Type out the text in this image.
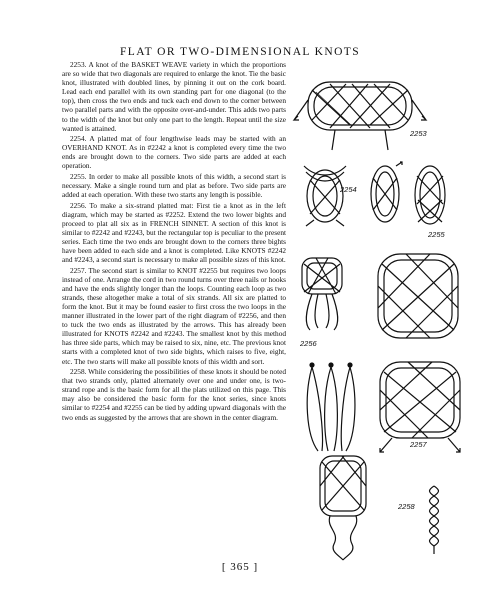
FLAT OR TWO-DIMENSIONAL KNOTS

2253. A knot of the BASKET WEAVE variety in which the proportions are so wide that two diagonals are required to enlarge the knot. Tie the basic knot, illustrated with doubled lines, by pinning it out on the cork board. Lead each end parallel with its own standing part for one diagonal (to the top), then cross the two ends and tuck each end down to the corner between two parallel parts and with the opposite over-and-under. This adds two parts to the width of the knot but only one part to the length. Repeat until the size wanted is attained.

2254. A platted mat of four lengthwise leads may be started with an OVERHAND KNOT. As in #2242 a knot is completed every time the two ends are brought down to the corners. Two side parts are added at each operation.

2255. In order to make all possible knots of this width, a second start is necessary. Make a single round turn and plat as before. Two side parts are added at each operation. With these two starts any length is possible.

2256. To make a six-strand platted mat: First tie a knot as in the left diagram, which may be started as #2252. Extend the two lower bights and proceed to plat all six as in FRENCH SINNET. A section of this knot is similar to #2242 and #2243, but the rectangular top is peculiar to the present series. Each time the two ends are brought down to the corners three bights have been added to each side and a knot is completed. Like KNOTS #2242 and #2243, a second start is necessary to make all possible sizes of this knot.

2257. The second start is similar to KNOT #2255 but requires two loops instead of one. Arrange the cord in two round turns over three nails or hooks and have the ends slightly longer than the loops. Counting each loop as two strands, these altogether make a total of six strands. All six are platted to form the knot. But it may be found easier to first cross the two loops in the manner illustrated in the lower part of the right diagram of #2256, and then to tuck the two ends as illustrated by the arrows. This has already been illustrated for KNOTS #2242 and #2243. The smallest knot by this method has three side parts, which may be raised to six, nine, etc. The previous knot starts with a completed knot of two side bights, which raises to five, eight, etc. The two starts will make all possible knots of this width and sort.

2258. While considering the possibilities of these knots it should be noted that two strands only, platted alternately over one and under one, is two-strand rope and is the basic form for all the plats utilized on this page. This may also be considered the basic form for the knot series, since knots similar to #2254 and #2255 can be tied by adding upward diagonals with the two ends as suggested by the arrows that are shown in the center diagram.

2253
2254
2255
2256
2257
2258
[ 365 ]
